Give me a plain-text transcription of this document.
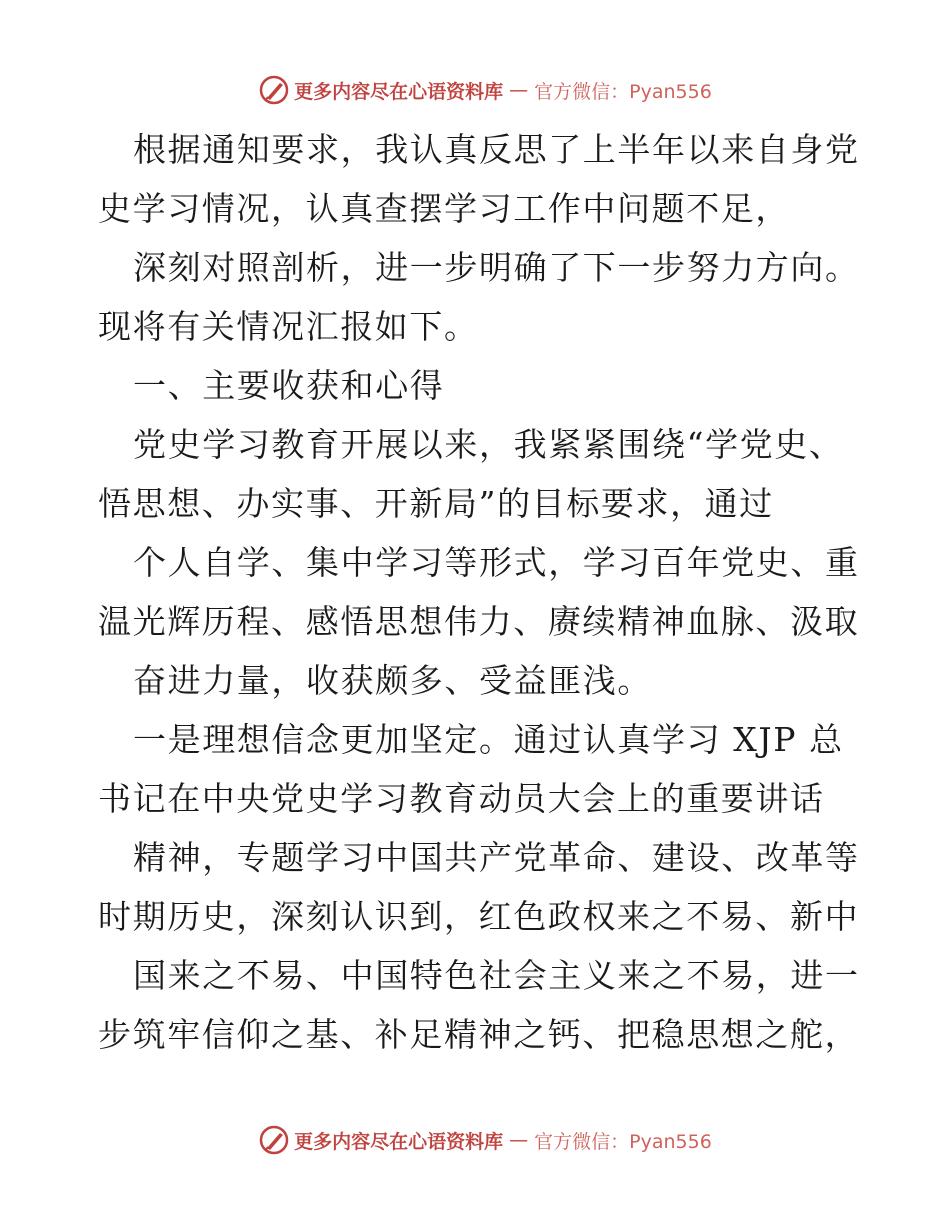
更多内容尽在心语资料库 — 官方微信：Pyan556
根据通知要求，我认真反思了上半年以来自身党
史学习情况，认真查摆学习工作中问题不足，
深刻对照剖析，进一步明确了下一步努力方向。
现将有关情况汇报如下。
一、主要收获和心得
党史学习教育开展以来，我紧紧围绕“学党史、
悟思想、办实事、开新局”的目标要求，通过
个人自学、集中学习等形式，学习百年党史、重
温光辉历程、感悟思想伟力、赓续精神血脉、汲取
奋进力量，收获颇多、受益匪浅。
一是理想信念更加坚定。通过认真学习 XJP 总
书记在中央党史学习教育动员大会上的重要讲话
精神，专题学习中国共产党革命、建设、改革等
时期历史，深刻认识到，红色政权来之不易、新中
国来之不易、中国特色社会主义来之不易，进一
步筑牢信仰之基、补足精神之钙、把稳思想之舵，
更多内容尽在心语资料库 — 官方微信：Pyan556
